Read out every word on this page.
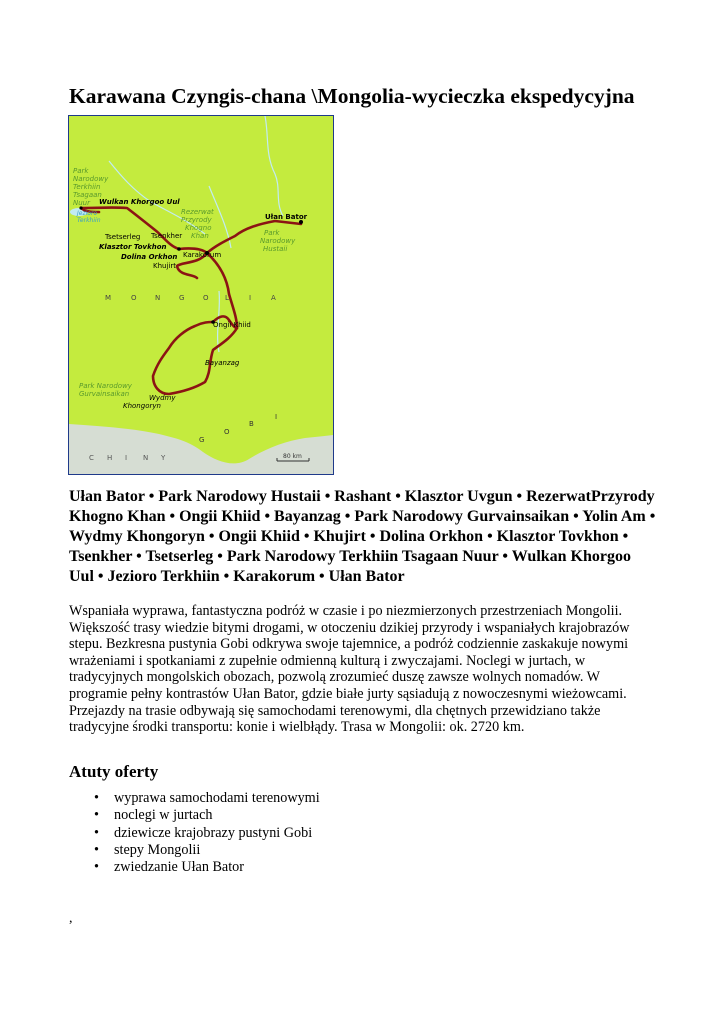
Karawana Czyngis-chana \Mongolia-wycieczka ekspedycyjna
Park
Narodowy
Terkhiin
Tsagaan
Nuur
Jezioro
Terkhiin
Rezerwat
Przyrody
Khogno
Khan	Park
Narodowy
Hustaii
Park Narodowy
Gurvainsaikan
Wulkan Khorgoo Uul
Ułan Bator
Tsetserleg Tsenkher
Klasztor Tovkhon
Dolina Orkhon Karakorum
Khujirt
Ongii Khiid
Bayanzag
Wydmy
Khongoryn
M	O N	G	O L	I	A
G
O
B
I
C H I N Y	80 km
Ułan Bator • Park Narodowy Hustaii • Rashant • Klasztor Uvgun • RezerwatPrzyrody Khogno Khan • Ongii Khiid • Bayanzag • Park Narodowy Gurvainsaikan • Yolin Am • Wydmy Khongoryn • Ongii Khiid • Khujirt • Dolina Orkhon • Klasztor Tovkhon • Tsenkher • Tsetserleg • Park Narodowy Terkhiin Tsagaan Nuur • Wulkan Khorgoo Uul • Jezioro Terkhiin • Karakorum • Ułan Bator

Wspaniała wyprawa, fantastyczna podróż w czasie i po niezmierzonych przestrzeniach Mongolii. Większość trasy wiedzie bitymi drogami, w otoczeniu dzikiej przyrody i wspaniałych krajobrazów stepu. Bezkresna pustynia Gobi odkrywa swoje tajemnice, a podróż codziennie zaskakuje nowymi wrażeniami i spotkaniami z zupełnie odmienną kulturą i zwyczajami. Noclegi w jurtach, w tradycyjnych mongolskich obozach, pozwolą zrozumieć duszę zawsze wolnych nomadów. W programie pełny kontrastów Ułan Bator, gdzie białe jurty sąsiadują z nowoczesnymi wieżowcami. Przejazdy na trasie odbywają się samochodami terenowymi, dla chętnych przewidziano także tradycyjne środki transportu: konie i wielbłądy. Trasa w Mongolii: ok. 2720 km.

Atuty oferty
• wyprawa samochodami terenowymi
• noclegi w jurtach
• dziewicze krajobrazy pustyni Gobi
• stepy Mongolii
• zwiedzanie Ułan Bator
,
